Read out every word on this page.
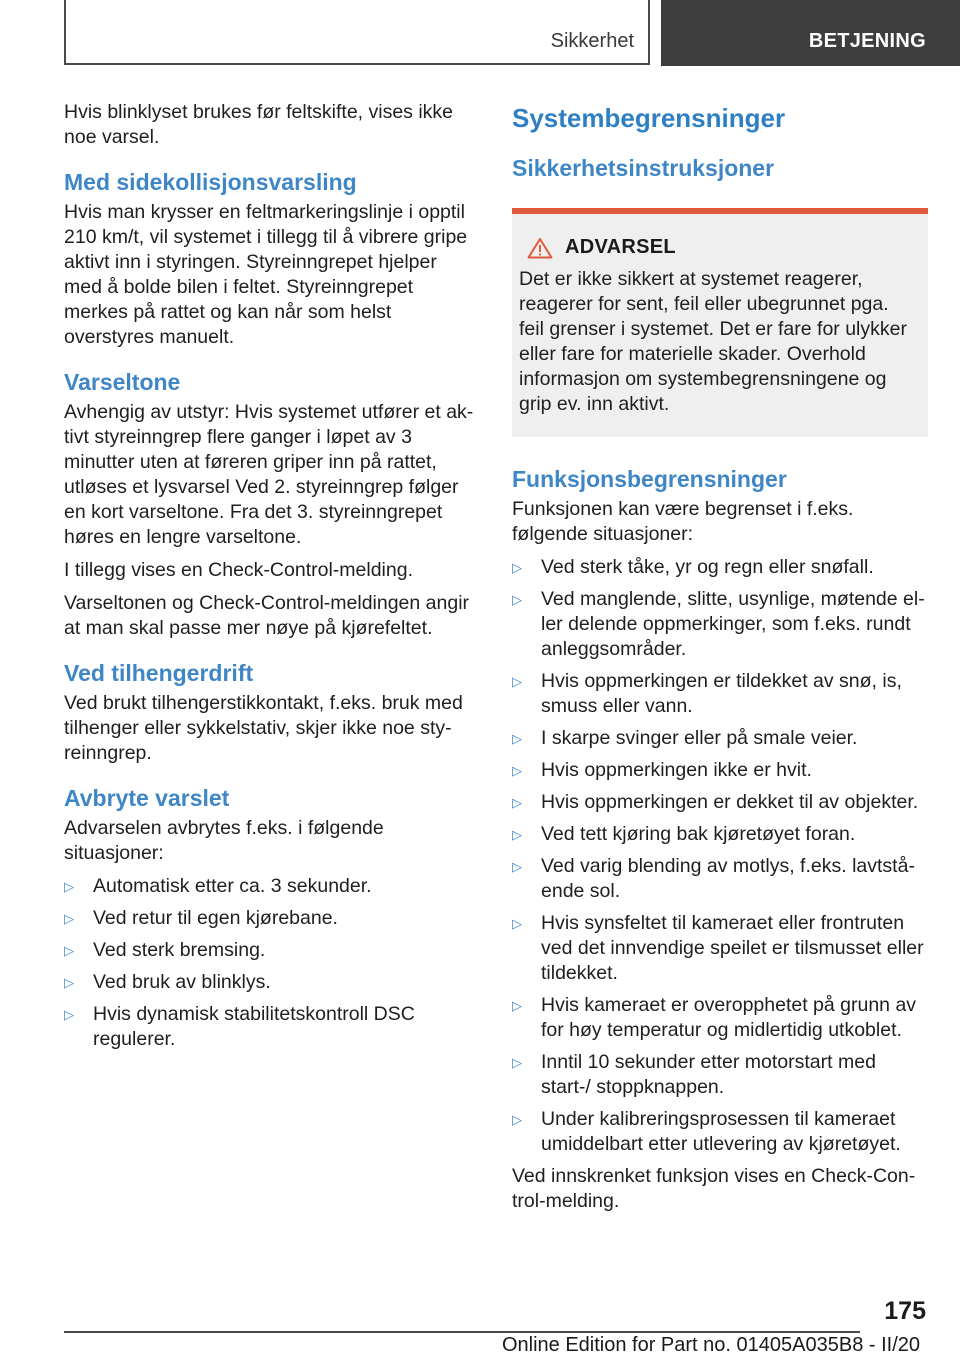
Sikkerhet	BETJENING

Hvis blinklyset brukes før feltskifte, vises ikke noe varsel.

Med sidekollisjonsvarsling

Hvis man krysser en feltmarkeringslinje i opptil 210 km/t, vil systemet i tillegg til å vibrere gripe aktivt inn i styringen. Styreinngrepet hjelper med å bolde bilen i feltet. Styreinngrepet merkes på rattet og kan når som helst overstyres manuelt.

Varseltone

Avhengig av utstyr: Hvis systemet utfører et aktivt styreinngrep flere ganger i løpet av 3 minutter uten at føreren griper inn på rattet, utløses et lysvarsel Ved 2. styreinngrep følger en kort varseltone. Fra det 3. styreinngrepet høres en lengre varseltone.

I tillegg vises en Check-Control-melding.

Varseltonen og Check-Control-meldingen angir at man skal passe mer nøye på kjørefeltet.

Ved tilhengerdrift

Ved brukt tilhengerstikkontakt, f.eks. bruk med tilhenger eller sykkelstativ, skjer ikke noe styreinngrep.

Avbryte varslet

Advarselen avbrytes f.eks. i følgende situasjoner:

▷ Automatisk etter ca. 3 sekunder.
▷ Ved retur til egen kjørebane.
▷ Ved sterk bremsing.
▷ Ved bruk av blinklys.
▷ Hvis dynamisk stabilitetskontroll DSC regulerer.
Systembegrensninger
Sikkerhetsinstruksjoner
ADVARSEL

Det er ikke sikkert at systemet reagerer, reagerer for sent, feil eller ubegrunnet pga. feil grenser i systemet. Det er fare for ulykker eller fare for materielle skader. Overhold informasjon om systembegrensningene og grip ev. inn aktivt.

Funksjonsbegrensninger

Funksjonen kan være begrenset i f.eks. følgende situasjoner:

▷ Ved sterk tåke, yr og regn eller snøfall.
▷ Ved manglende, slitte, usynlige, møtende eller delende oppmerkinger, som f.eks. rundt anleggsområder.
▷ Hvis oppmerkingen er tildekket av snø, is, smuss eller vann.
▷ I skarpe svinger eller på smale veier.
▷ Hvis oppmerkingen ikke er hvit.
▷ Hvis oppmerkingen er dekket til av objekter.
▷ Ved tett kjøring bak kjøretøyet foran.
▷ Ved varig blending av motlys, f.eks. lavtstående sol.
▷ Hvis synsfeltet til kameraet eller frontruten ved det innvendige speilet er tilsmusset eller tildekket.
▷ Hvis kameraet er overopphetet på grunn av for høy temperatur og midlertidig utkoblet.
▷ Inntil 10 sekunder etter motorstart med start-/ stoppknappen.
▷ Under kalibreringsprosessen til kameraet umiddelbart etter utlevering av kjøretøyet.

Ved innskrenket funksjon vises en Check-Control-melding.

175
Online Edition for Part no. 01405A035B8 - II/20
